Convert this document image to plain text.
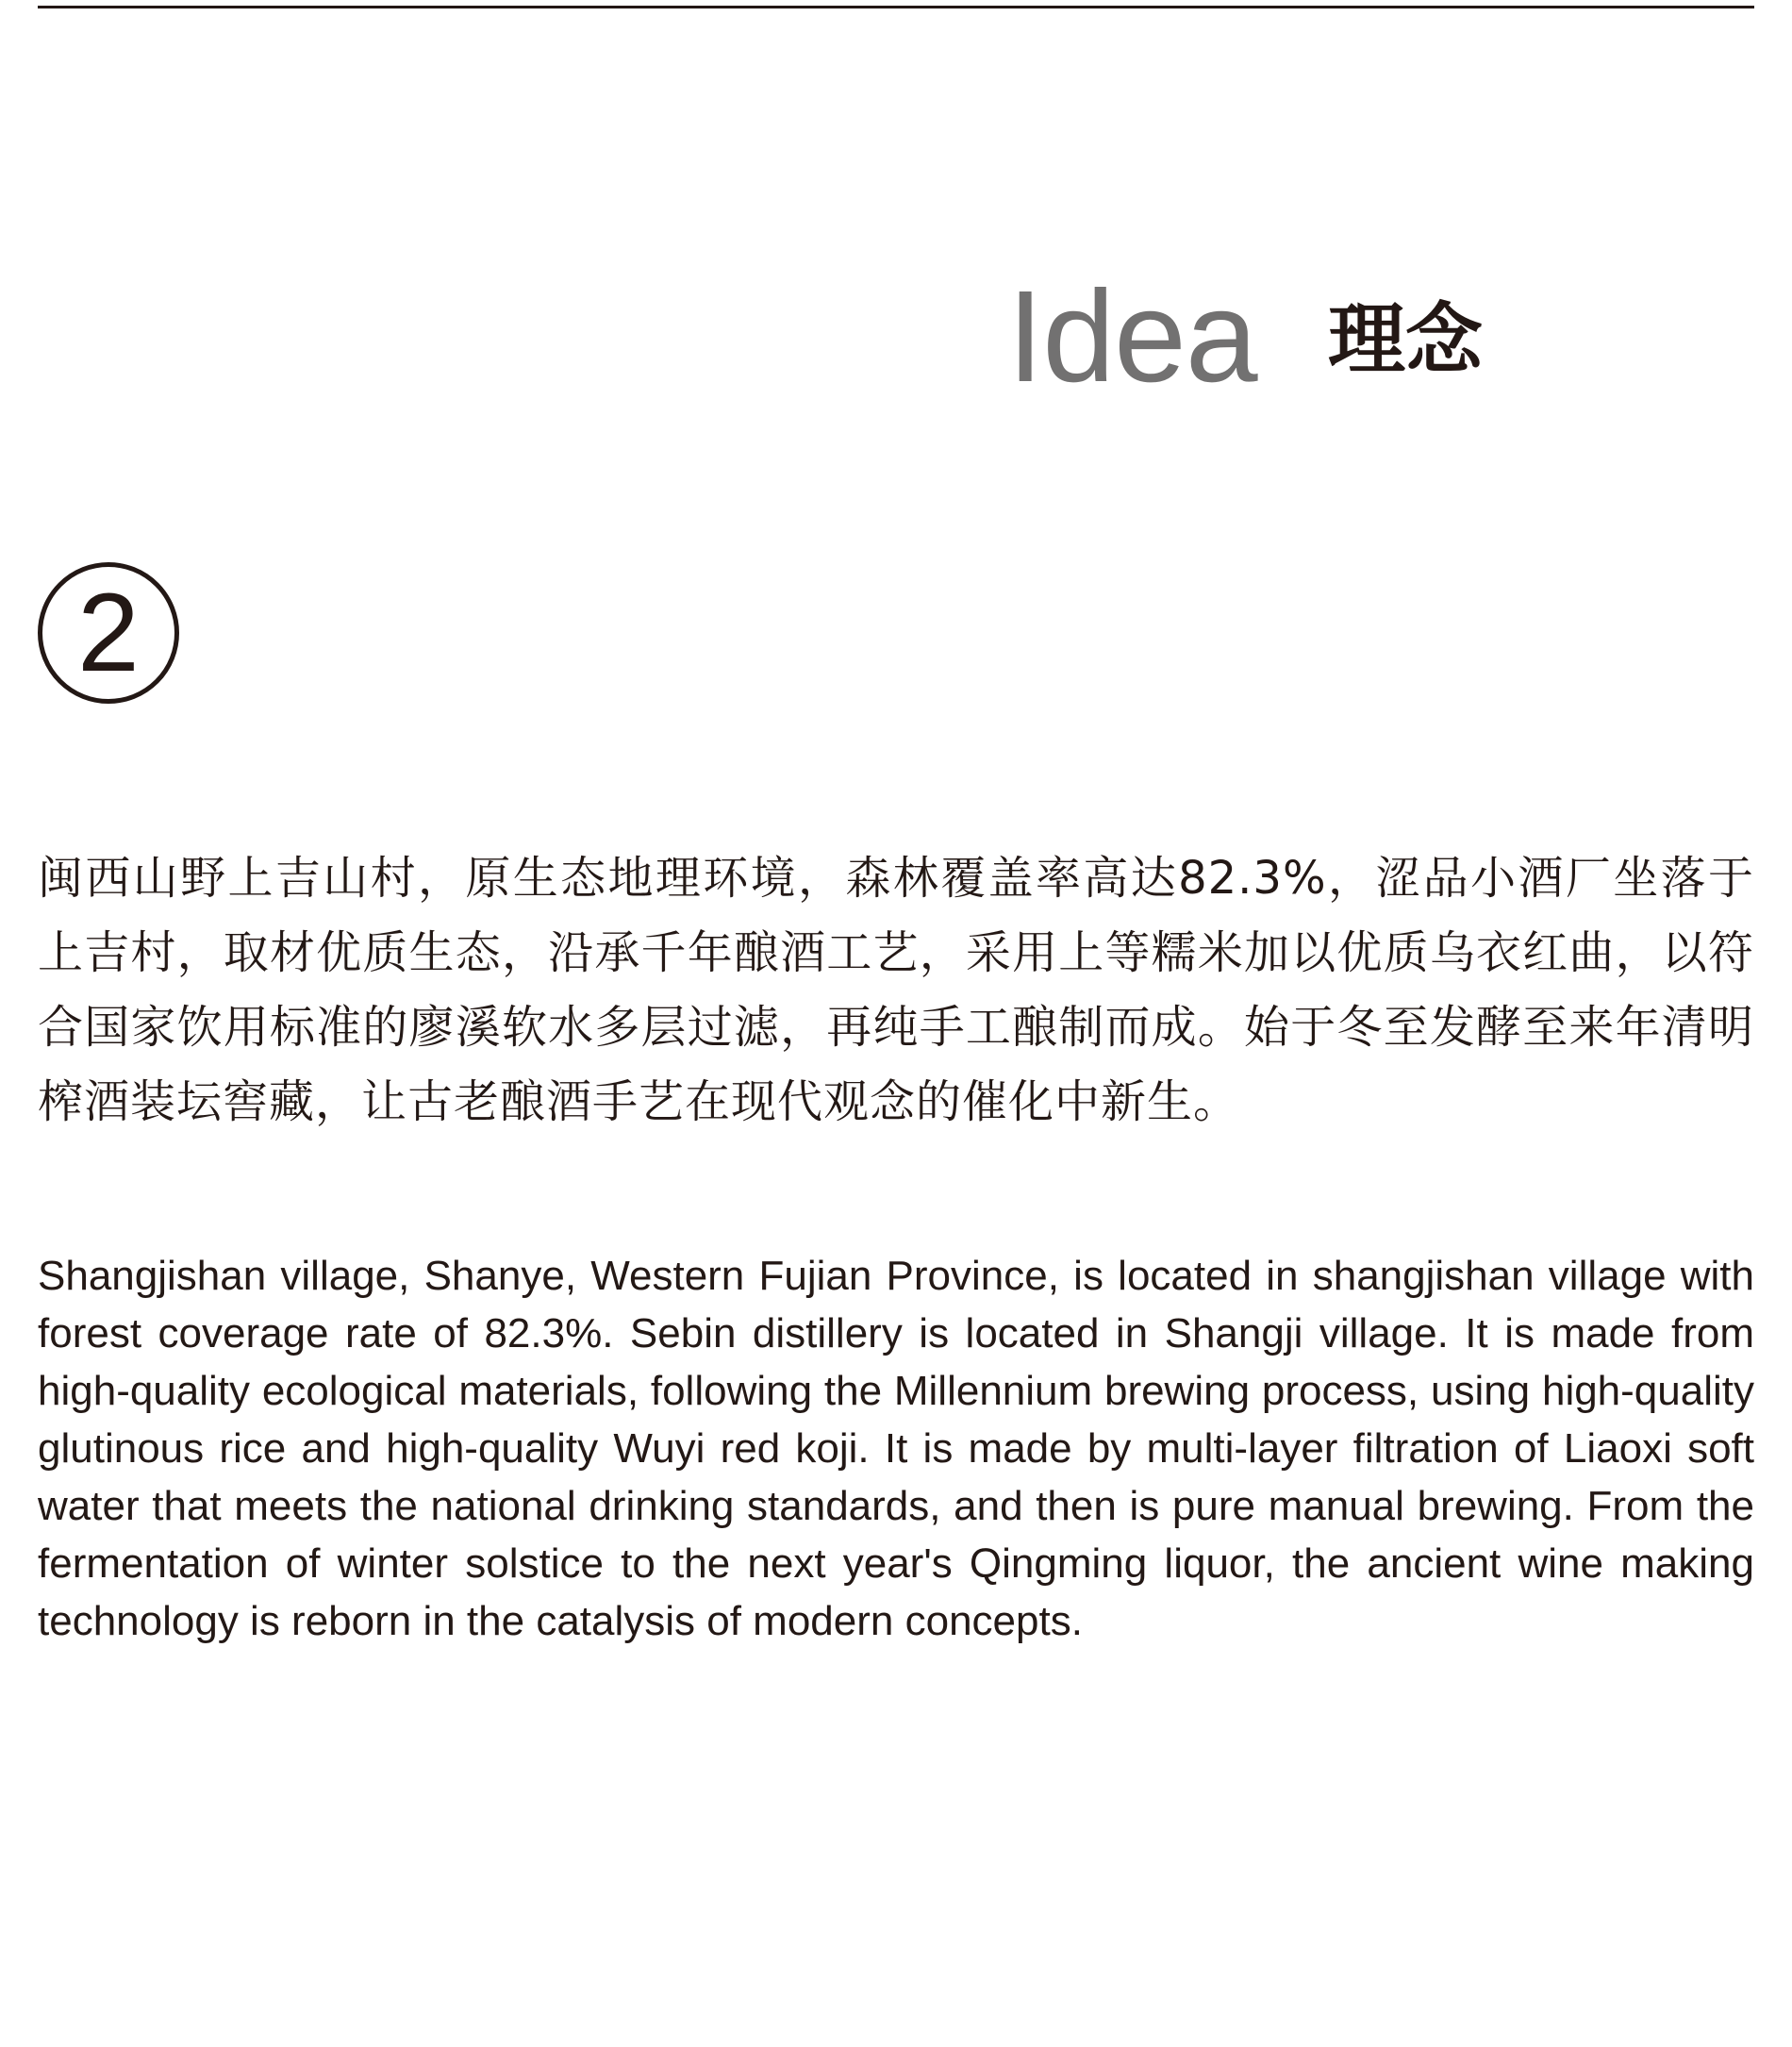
Idea 理念
2

闽西山野上吉山村，原生态地理环境，森林覆盖率高达82.3%，涩品小酒厂坐落于上吉村，取材优质生态，沿承千年酿酒工艺，采用上等糯米加以优质乌衣红曲，以符合国家饮用标准的廖溪软水多层过滤，再纯手工酿制而成。始于冬至发酵至来年清明榨酒装坛窖藏，让古老酿酒手艺在现代观念的催化中新生。

Shangjishan village, Shanye, Western Fujian Province, is located in shangjishan village with forest coverage rate of 82.3%. Sebin distillery is located in Shangji village. It is made from high-quality ecological materials, following the Millennium brewing process, using high-quality glutinous rice and high-quality Wuyi red koji. It is made by multi-layer filtration of Liaoxi soft water that meets the national drinking standards, and then is pure manual brewing. From the fermentation of winter solstice to the next year's Qingming liquor, the ancient wine making technology is reborn in the catalysis of modern concepts.
